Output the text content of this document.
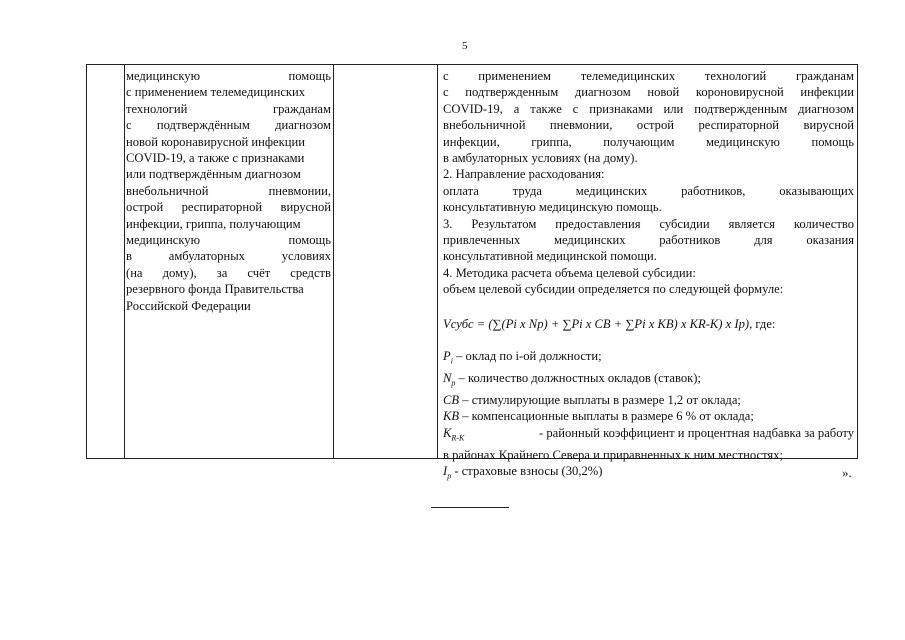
5
медицинскую помощь
с применением телемедицинских
технологий гражданам
с подтверждённым диагнозом
новой коронавирусной инфекции
COVID-19, а также с признаками
или подтверждённым диагнозом
внебольничной пневмонии,
острой респираторной вирусной
инфекции, гриппа, получающим
медицинскую помощь
в амбулаторных условиях
(на дому), за счёт средств
резервного фонда Правительства
Российской Федерации
с применением телемедицинских технологий гражданам
с подтвержденным диагнозом новой короновирусной инфекции
COVID-19, а также с признаками или подтвержденным диагнозом
внебольничной пневмонии, острой респираторной вирусной
инфекции, гриппа, получающим медицинскую помощь
в амбулаторных условиях (на дому).
2. Направление расходования:
оплата труда медицинских работников, оказывающих
консультативную медицинскую помощь.
3. Результатом предоставления субсидии является количество
привлеченных медицинских работников для оказания
консультативной медицинской помощи.
4. Методика расчета объема целевой субсидии:
объем целевой субсидии определяется по следующей формуле:
Vсубс = (∑(Pi x Np) + ∑Pi x СВ + ∑Pi x КВ) x KR-K) x Ip), где:
$P_i$ – оклад по i-ой должности;
$N_p$ – количество должностных окладов (ставок);
СВ – стимулирующие выплаты в размере 1,2 от оклада;
КВ – компенсационные выплаты в размере 6 % от оклада;
$K_{R-K}$	- районный коэффициент и процентная надбавка за работу
в районах Крайнего Севера и приравненных к ним местностях;
$I_p$ - страховые взносы (30,2%)	».
